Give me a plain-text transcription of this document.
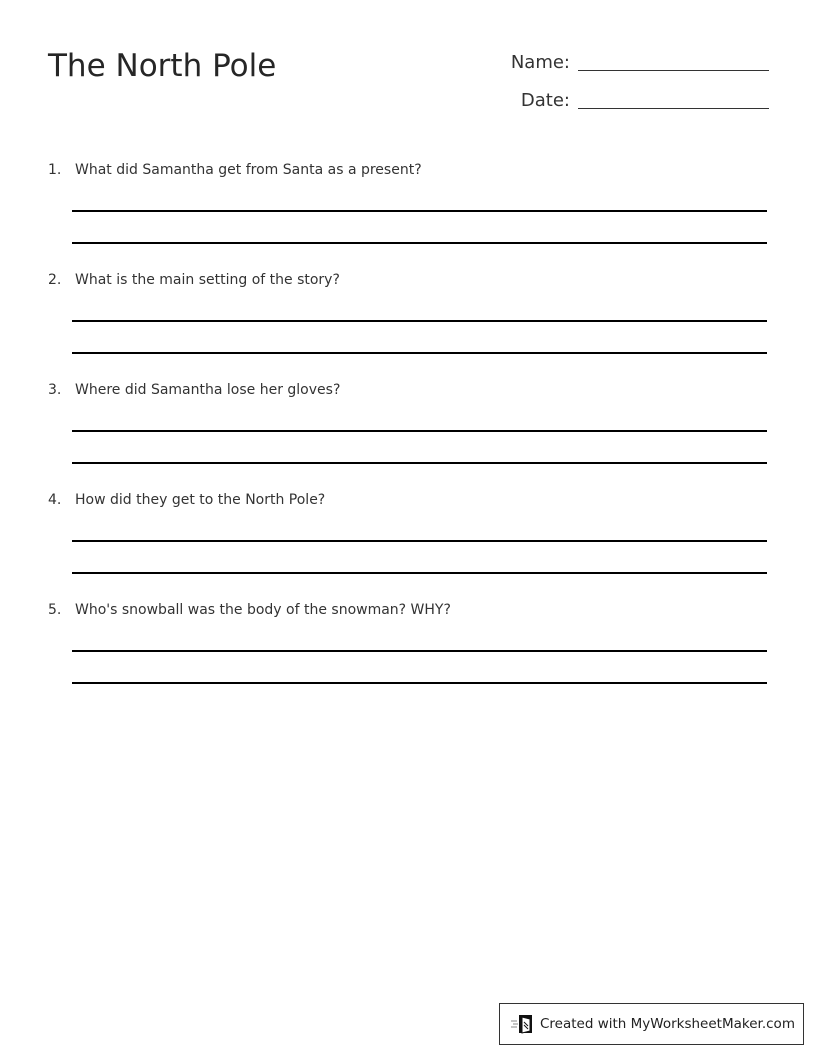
The North Pole	Name:
Date:
1. What did Samantha get from Santa as a present?
2. What is the main setting of the story?
3. Where did Samantha lose her gloves?
4. How did they get to the North Pole?
5. Who's snowball was the body of the snowman? WHY?
Created with MyWorksheetMaker.com
